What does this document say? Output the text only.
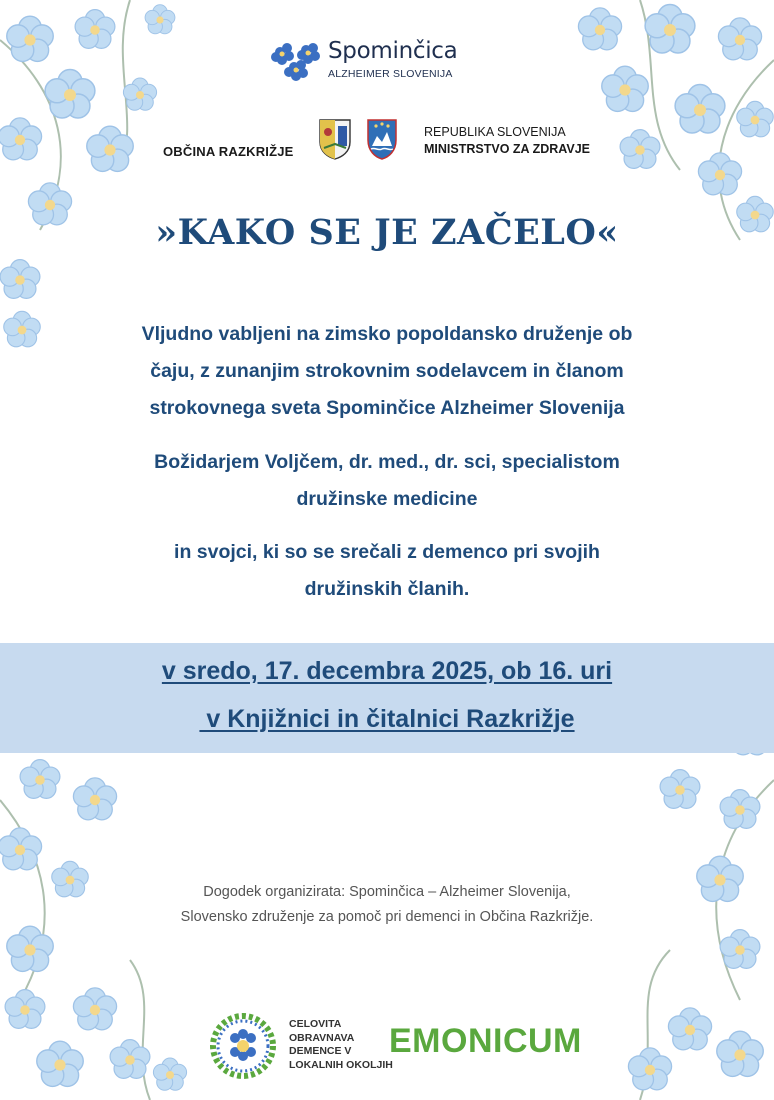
Spominčica
ALZHEIMER SLOVENIJA
OBČINA RAZKRIŽJE
REPUBLIKA SLOVENIJA
MINISTRSTVO ZA ZDRAVJE
»KAKO SE JE ZAČELO«
Vljudno vabljeni na zimsko popoldansko druženje ob
čaju, z zunanjim strokovnim sodelavcem in članom
strokovnega sveta Spominčice Alzheimer Slovenija
Božidarjem Voljčem, dr. med., dr. sci, specialistom
družinske medicine
in svojci, ki so se srečali z demenco pri svojih
družinskih članih.
v sredo, 17. decembra 2025, ob 16. uri
v Knjižnici in čitalnici Razkrižje
Dogodek organizirata: Spominčica – Alzheimer Slovenija,
Slovensko združenje za pomoč pri demenci in Občina Razkrižje.
CELOVITA
OBRAVNAVA
DEMENCE V
LOKALNIH OKOLJIH
EMONICUM
